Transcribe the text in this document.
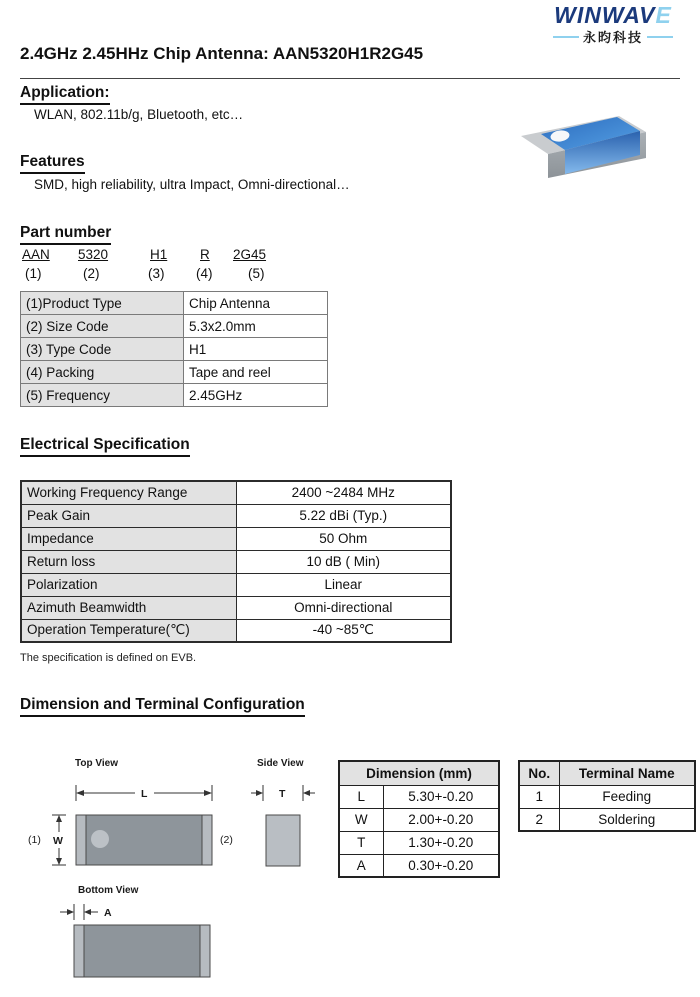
WINWAVE
永昀科技
2.4GHz 2.45HHz Chip Antenna: AAN5320H1R2G45
Application:
WLAN, 802.11b/g, Bluetooth, etc…
Features
SMD, high reliability, ultra Impact, Omni-directional…
Part number
AAN 5320	H1 R 2G45
(1)	(2)	(3) (4)	(5)
(1)Product Type	Chip Antenna
(2) Size Code	5.3x2.0mm
(3) Type Code	H1
(4) Packing	Tape and reel
(5) Frequency	2.45GHz
Electrical Specification
Working Frequency Range	2400 ~2484 MHz
Peak Gain	5.22 dBi (Typ.)
Impedance	50 Ohm
Return loss	10 dB ( Min)
Polarization	Linear
Azimuth Beamwidth	Omni-directional
Operation Temperature(℃)	-40 ~85℃
The specification is defined on EVB.
Dimension and Terminal Configuration
Top View
L
W
(1)	(2)
Side View
T
Bottom View
A
Dimension (mm)	
L	5.30+-0.20
W	2.00+-0.20
T	1.30+-0.20
A	0.30+-0.20
No.	Terminal Name
1	Feeding
2	Soldering
